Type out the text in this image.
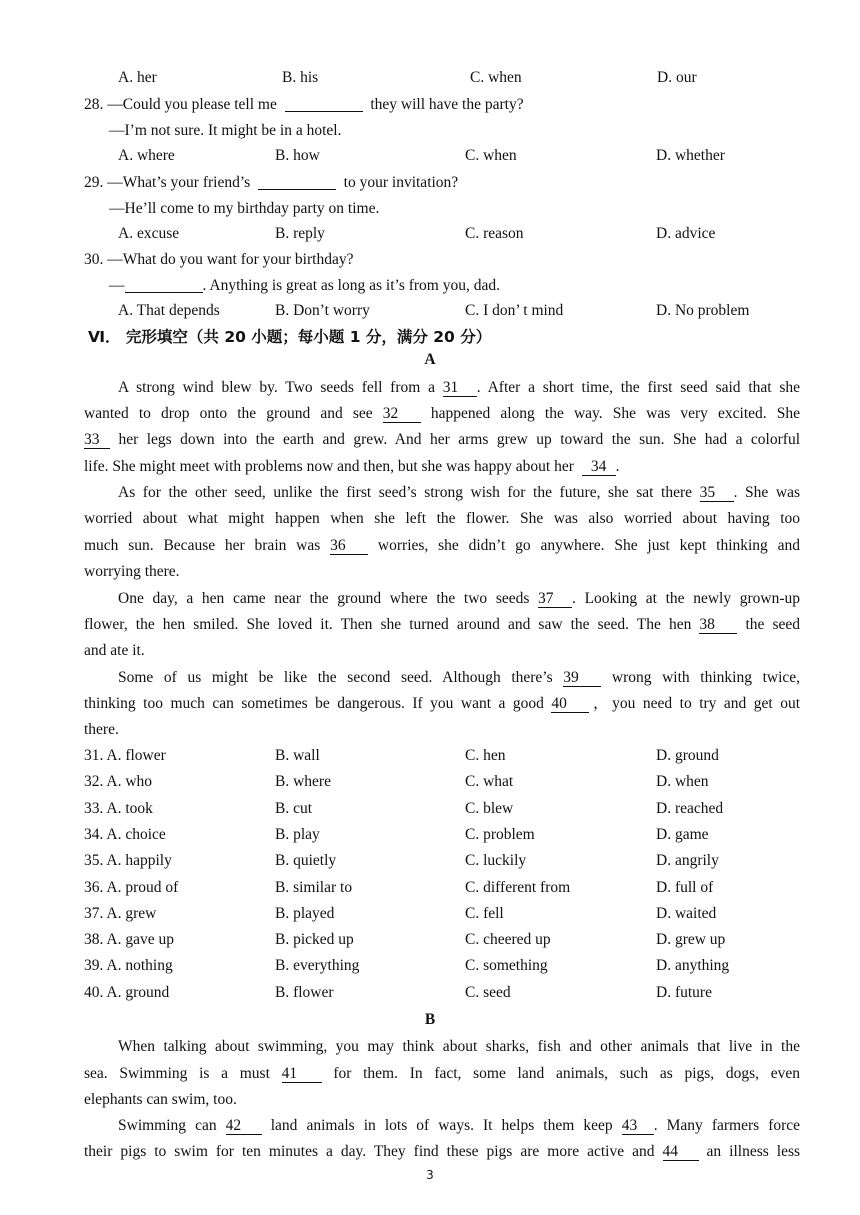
A. her	B. his	C. when	D. our
28. —Could you please tell me	they will have the party?
—I’m not sure. It might be in a hotel.
A. where	B. how	C. when	D. whether
29. —What’s your friend’s	to your invitation?
—He’ll come to my birthday party on time.
A. excuse	B. reply	C. reason	D. advice
30. —What do you want for your birthday?
—	. Anything is great as long as it’s from you, dad.
A. That depends	B. Don’t worry	C. I don’ t mind	D. No problem
Ⅵ． 完形填空（共 20 小题；每小题 1 分，满分 20 分）
A
A strong wind blew by. Two seeds fell from a 31 . After a short time, the first seed said that she
wanted to drop onto the ground and see 32 happened along the way. She was very excited. She
33 her legs down into the earth and grew. And her arms grew up toward the sun. She had a colorful
life. She might meet with problems now and then, but she was happy about her 34 .
As for the other seed, unlike the first seed’s strong wish for the future, she sat there 35 . She was
worried about what might happen when she left the flower. She was also worried about having too
much sun. Because her brain was 36 worries, she didn’t go anywhere. She just kept thinking and
worrying there.
One day, a hen came near the ground where the two seeds 37 . Looking at the newly grown-up
flower, the hen smiled. She loved it. Then she turned around and saw the seed. The hen 38 the seed
and ate it.
Some of us might be like the second seed. Although there’s 39 wrong with thinking twice,
thinking too much can sometimes be dangerous. If you want a good 40 ，you need to try and get out
there.
31. A. flower	B. wall	C. hen	D. ground
32. A. who	B. where	C. what	D. when
33. A. took	B. cut	C. blew	D. reached
34. A. choice	B. play	C. problem	D. game
35. A. happily	B. quietly	C. luckily	D. angrily
36. A. proud of	B. similar to	C. different from	D. full of
37. A. grew	B. played	C. fell	D. waited
38. A. gave up	B. picked up	C. cheered up	D. grew up
39. A. nothing	B. everything	C. something	D. anything
40. A. ground	B. flower	C. seed	D. future
B
When talking about swimming, you may think about sharks, fish and other animals that live in the
sea. Swimming is a must 41 for them. In fact, some land animals, such as pigs, dogs, even
elephants can swim, too.
Swimming can 42 land animals in lots of ways. It helps them keep 43 . Many farmers force
their pigs to swim for ten minutes a day. They find these pigs are more active and 44 an illness less
3
